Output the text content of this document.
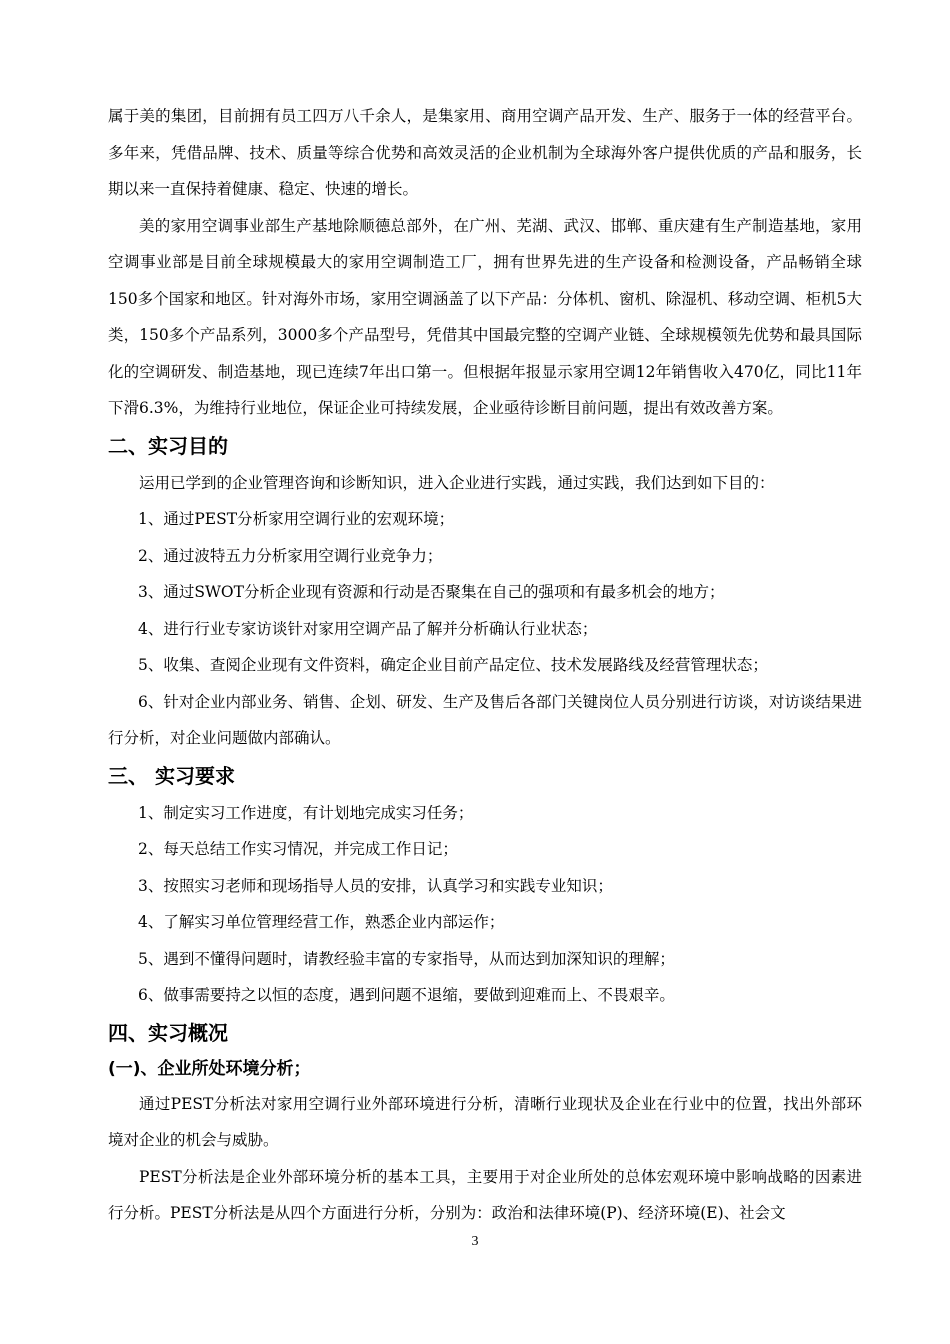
属于美的集团，目前拥有员工四万八千余人，是集家用、商用空调产品开发、生产、服务于一体的经营平台。多年来，凭借品牌、技术、质量等综合优势和高效灵活的企业机制为全球海外客户提供优质的产品和服务，长期以来一直保持着健康、稳定、快速的增长。

美的家用空调事业部生产基地除顺德总部外，在广州、芜湖、武汉、邯郸、重庆建有生产制造基地，家用空调事业部是目前全球规模最大的家用空调制造工厂，拥有世界先进的生产设备和检测设备，产品畅销全球150多个国家和地区。针对海外市场，家用空调涵盖了以下产品：分体机、窗机、除湿机、移动空调、柜机5大类，150多个产品系列，3000多个产品型号，凭借其中国最完整的空调产业链、全球规模领先优势和最具国际化的空调研发、制造基地，现已连续7年出口第一。但根据年报显示家用空调12年销售收入470亿，同比11年下滑6.3%，为维持行业地位，保证企业可持续发展，企业亟待诊断目前问题，提出有效改善方案。

二、实习目的

运用已学到的企业管理咨询和诊断知识，进入企业进行实践，通过实践，我们达到如下目的：

1、通过PEST分析家用空调行业的宏观环境；

2、通过波特五力分析家用空调行业竞争力；

3、通过SWOT分析企业现有资源和行动是否聚集在自己的强项和有最多机会的地方；

4、进行行业专家访谈针对家用空调产品了解并分析确认行业状态；

5、收集、查阅企业现有文件资料，确定企业目前产品定位、技术发展路线及经营管理状态；

6、针对企业内部业务、销售、企划、研发、生产及售后各部门关键岗位人员分别进行访谈，对访谈结果进行分析，对企业问题做内部确认。

三、 实习要求

1、制定实习工作进度，有计划地完成实习任务；

2、每天总结工作实习情况，并完成工作日记；

3、按照实习老师和现场指导人员的安排，认真学习和实践专业知识；

4、了解实习单位管理经营工作，熟悉企业内部运作；

5、遇到不懂得问题时，请教经验丰富的专家指导，从而达到加深知识的理解；

6、做事需要持之以恒的态度，遇到问题不退缩，要做到迎难而上、不畏艰辛。

四、实习概况
(一)、企业所处环境分析；

通过PEST分析法对家用空调行业外部环境进行分析，清晰行业现状及企业在行业中的位置，找出外部环境对企业的机会与威胁。

PEST分析法是企业外部环境分析的基本工具，主要用于对企业所处的总体宏观环境中影响战略的因素进行分析。PEST分析法是从四个方面进行分析，分别为：政治和法律环境(P)、经济环境(E)、社会文

3
